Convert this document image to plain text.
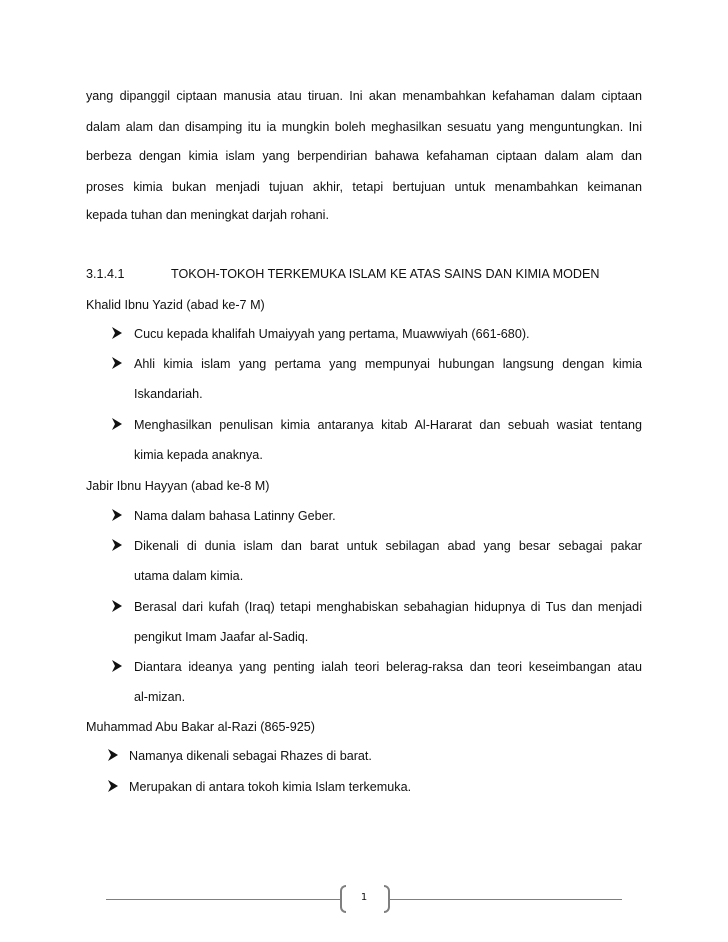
yang dipanggil ciptaan manusia atau tiruan. Ini akan menambahkan kefahaman dalam ciptaan
dalam alam dan disamping itu ia mungkin boleh meghasilkan sesuatu yang menguntungkan. Ini
berbeza dengan kimia islam yang berpendirian bahawa kefahaman ciptaan dalam alam dan
proses kimia bukan menjadi tujuan akhir, tetapi bertujuan untuk menambahkan keimanan
kepada tuhan dan meningkat darjah rohani.
3.1.4.1	TOKOH-TOKOH TERKEMUKA ISLAM KE ATAS SAINS DAN KIMIA MODEN
Khalid Ibnu Yazid (abad ke-7 M)
Cucu kepada khalifah Umaiyyah yang pertama, Muawwiyah (661-680).
Ahli kimia islam yang pertama yang mempunyai hubungan langsung dengan kimia
Iskandariah.
Menghasilkan penulisan kimia antaranya kitab Al-Hararat dan sebuah wasiat tentang
kimia kepada anaknya.
Jabir Ibnu Hayyan (abad ke-8 M)
Nama dalam bahasa Latinny Geber.
Dikenali di dunia islam dan barat untuk sebilagan abad yang besar sebagai pakar
utama dalam kimia.
Berasal dari kufah (Iraq) tetapi menghabiskan sebahagian hidupnya di Tus dan menjadi
pengikut Imam Jaafar al-Sadiq.
Diantara ideanya yang penting ialah teori belerag-raksa dan teori keseimbangan atau
al-mizan.
Muhammad Abu Bakar al-Razi (865-925)
Namanya dikenali sebagai Rhazes di barat.
Merupakan di antara tokoh kimia Islam terkemuka.
1
